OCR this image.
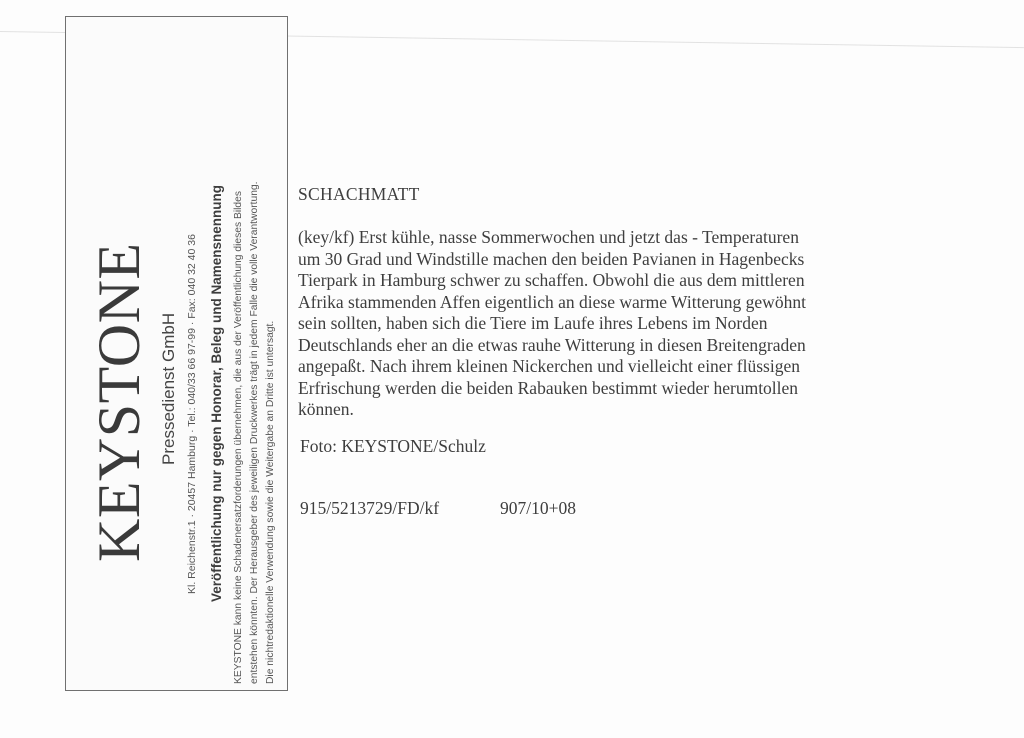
KEYSTONE Pressedienst GmbH Kl. Reichenstr.1 · 20457 Hamburg · Tel.: 040/33 66 97-99 · Fax: 040 32 40 36 Veröffentlichung nur gegen Honorar, Beleg und Namensnennung KEYSTONE kann keine Schadenersatzforderungen übernehmen, die aus der Veröffentlichung dieses Bildes entstehen könnten. Der Herausgeber des jeweiligen Druckwerkes trägt in jedem Falle die volle Verantwortung. Die nichtredaktionelle Verwendung sowie die Weitergabe an Dritte ist untersagt.
SCHACHMATT
(key/kf) Erst kühle, nasse Sommerwochen und jetzt das - Temperaturen
um 30 Grad und Windstille machen den beiden Pavianen in Hagenbecks
Tierpark in Hamburg schwer zu schaffen. Obwohl die aus dem mittleren
Afrika stammenden Affen eigentlich an diese warme Witterung gewöhnt
sein sollten, haben sich die Tiere im Laufe ihres Lebens im Norden
Deutschlands eher an die etwas rauhe Witterung in diesen Breitengraden
angepaßt. Nach ihrem kleinen Nickerchen und vielleicht einer flüssigen
Erfrischung werden die beiden Rabauken bestimmt wieder herumtollen
können.
Foto: KEYSTONE/Schulz
915/5213729/FD/kf	907/10+08
